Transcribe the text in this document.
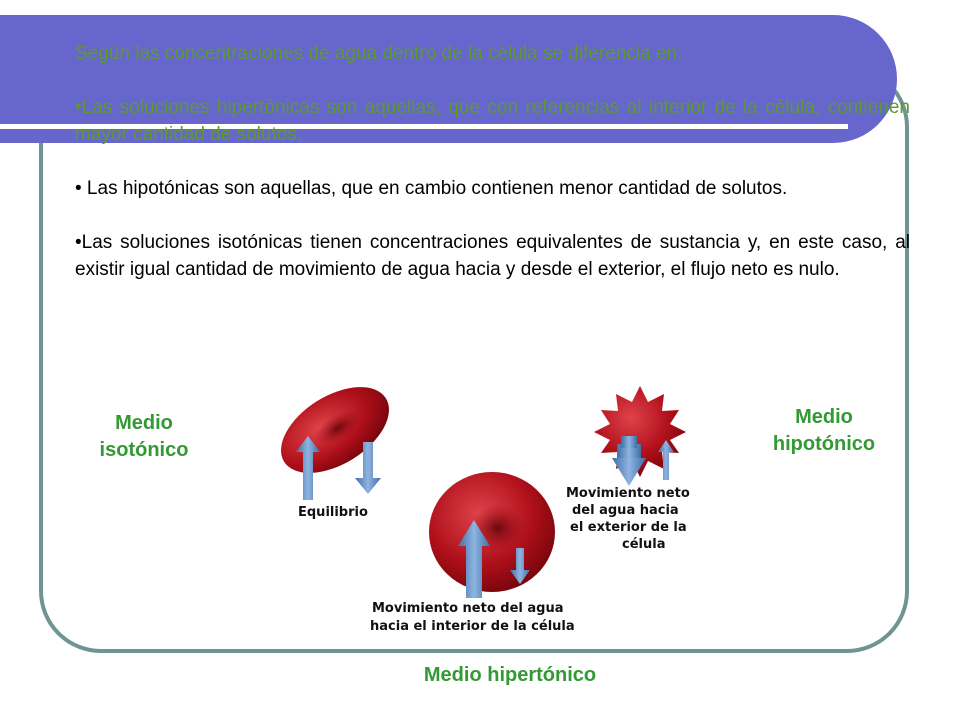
Según las concentraciones de agua dentro de la célula se diferencia en:

•Las soluciones hipertónicas son aquellas, que con referencias al interior de la célula, contienen mayor cantidad de solutos.

• Las hipotónicas son aquellas, que en cambio contienen menor cantidad de solutos.

•Las soluciones isotónicas tienen concentraciones equivalentes de sustancia y, en este caso, al existir igual cantidad de movimiento de agua hacia y desde el exterior, el flujo neto es nulo.

Medio
isotónico
Medio
hipotónico
Medio hipertónico
Equilibrio
Movimiento neto del agua hacia el exterior de la célula
Movimiento neto del agua hacia el interior de la célula
